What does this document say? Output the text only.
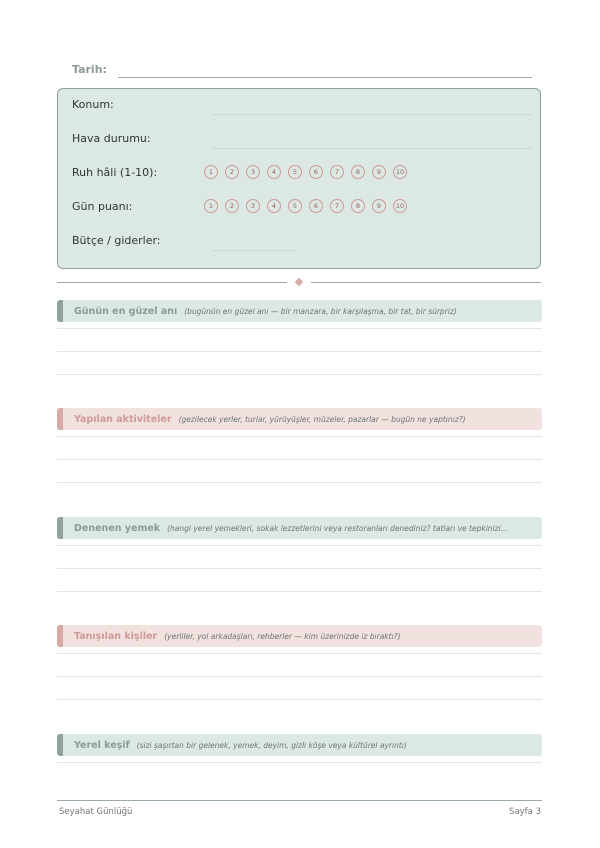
Tarih:
Konum:
Hava durumu:
Ruh hâli (1-10):	1	2	3	4	5	6	7	8	9	10
Gün puanı:	1	2	3	4	5	6	7	8	9	10
Bütçe / giderler:
Günün en güzel anı (bugünün en güzel anı — bir manzara, bir karşılaşma, bir tat, bir sürpriz)
Yapılan aktiviteler (gezilecek yerler, turlar, yürüyüşler, müzeler, pazarlar — bugün ne yaptınız?)
Denenen yemek (hangi yerel yemekleri, sokak lezzetlerini veya restoranları denediniz? tatları ve tepkinizi...
Tanışılan kişiler (yerliler, yol arkadaşları, rehberler — kim üzerinizde iz bıraktı?)
Yerel keşif (sizi şaşırtan bir gelenek, yemek, deyim, gizli köşe veya kültürel ayrıntı)
Seyahat Günlüğü	Sayfa 3
